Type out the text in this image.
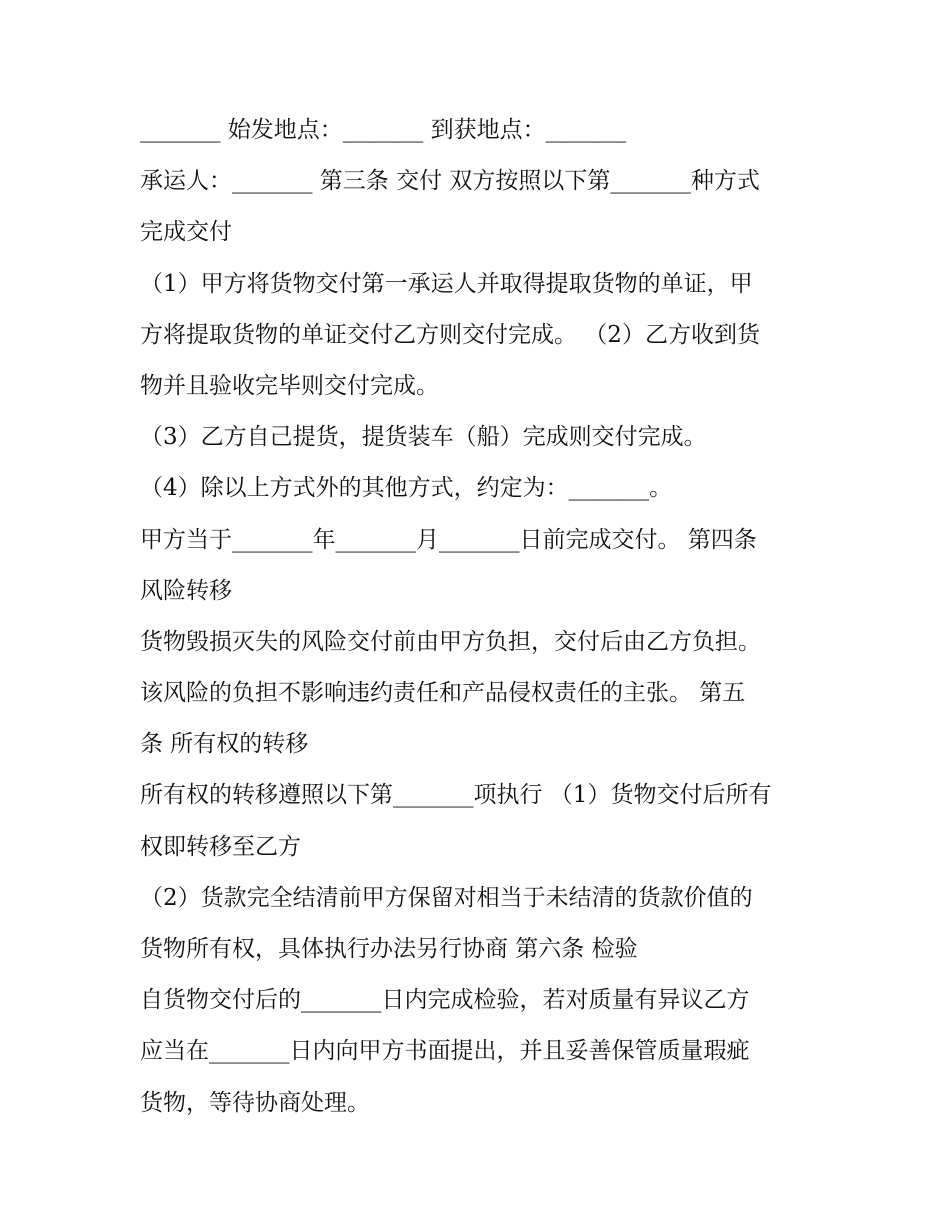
_______ 始发地点：_______ 到获地点：_______
承运人：_______ 第三条 交付 双方按照以下第_______种方式
完成交付
（1）甲方将货物交付第一承运人并取得提取货物的单证，甲
方将提取货物的单证交付乙方则交付完成。 （2）乙方收到货
物并且验收完毕则交付完成。
（3）乙方自己提货，提货装车（船）完成则交付完成。
（4）除以上方式外的其他方式，约定为：_______。
甲方当于_______年_______月_______日前完成交付。 第四条
风险转移
货物毁损灭失的风险交付前由甲方负担，交付后由乙方负担。
该风险的负担不影响违约责任和产品侵权责任的主张。 第五
条 所有权的转移
所有权的转移遵照以下第_______项执行 （1）货物交付后所有
权即转移至乙方
（2）货款完全结清前甲方保留对相当于未结清的货款价值的
货物所有权，具体执行办法另行协商 第六条 检验
自货物交付后的_______日内完成检验，若对质量有异议乙方
应当在_______日内向甲方书面提出，并且妥善保管质量瑕疵
货物，等待协商处理。
